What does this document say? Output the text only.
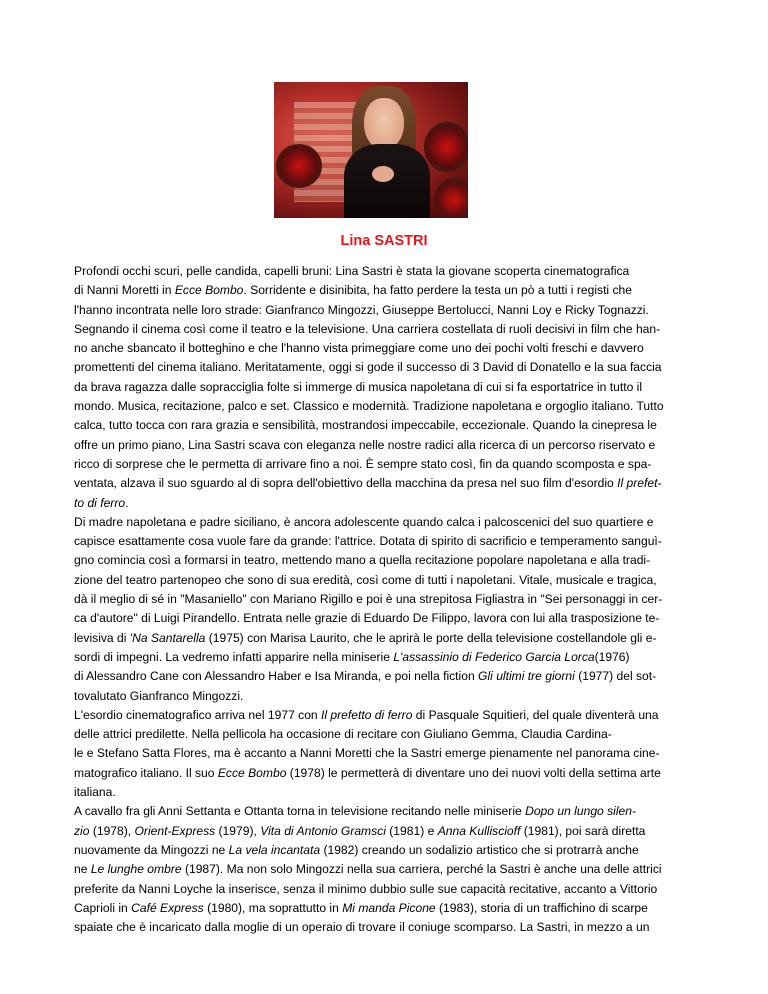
Lina SASTRI
Profondi occhi scuri, pelle candida, capelli bruni: Lina Sastri è stata la giovane scoperta cinematografica
di Nanni Moretti in Ecce Bombo. Sorridente e disinibita, ha fatto perdere la testa un pò a tutti i registi che
l'hanno incontrata nelle loro strade: Gianfranco Mingozzi, Giuseppe Bertolucci, Nanni Loy e Ricky Tognazzi.
Segnando il cinema così come il teatro e la televisione. Una carriera costellata di ruoli decisivi in film che han-
no anche sbancato il botteghino e che l'hanno vista primeggiare come uno dei pochi volti freschi e davvero
promettenti del cinema italiano. Meritatamente, oggi si gode il successo di 3 David di Donatello e la sua faccia
da brava ragazza dalle sopracciglia folte si immerge di musica napoletana di cui si fa esportatrice in tutto il
mondo. Musica, recitazione, palco e set. Classico e modernità. Tradizione napoletana e orgoglio italiano. Tutto
calca, tutto tocca con rara grazia e sensibilità, mostrandosi impeccabile, eccezionale. Quando la cinepresa le
offre un primo piano, Lina Sastri scava con eleganza nelle nostre radici alla ricerca di un percorso riservato e
ricco di sorprese che le permetta di arrivare fino a noi. È sempre stato così, fin da quando scomposta e spa-
ventata, alzava il suo sguardo al di sopra dell'obiettivo della macchina da presa nel suo film d'esordio Il prefet-
to di ferro.
Di madre napoletana e padre siciliano, è ancora adolescente quando calca i palcoscenici del suo quartiere e
capisce esattamente cosa vuole fare da grande: l'attrice. Dotata di spirito di sacrificio e temperamento sanguì-
gno comincia così a formarsi in teatro, mettendo mano a quella recitazione popolare napoletana e alla tradi-
zione del teatro partenopeo che sono di sua eredità, così come di tutti i napoletani. Vitale, musicale e tragica,
dà il meglio di sé in "Masaniello" con Mariano Rigillo e poi è una strepitosa Figliastra in "Sei personaggi in cer-
ca d'autore" di Luigi Pirandello. Entrata nelle grazie di Eduardo De Filippo, lavora con lui alla trasposizione te-
levisiva di 'Na Santarella (1975) con Marisa Laurito, che le aprirà le porte della televisione costellandole gli e-
sordi di impegni. La vedremo infatti apparire nella miniserie L'assassinio di Federico Garcia Lorca(1976)
di Alessandro Cane con Alessandro Haber e Isa Miranda, e poi nella fiction Gli ultimi tre giorni (1977) del sot-
tovalutato Gianfranco Mingozzi.
L'esordio cinematografico arriva nel 1977 con Il prefetto di ferro di Pasquale Squitieri, del quale diventerà una
delle attrici predilette. Nella pellicola ha occasione di recitare con Giuliano Gemma, Claudia Cardina-
le e Stefano Satta Flores, ma è accanto a Nanni Moretti che la Sastri emerge pienamente nel panorama cine-
matografico italiano. Il suo Ecce Bombo (1978) le permetterà di diventare uno dei nuovi volti della settima arte
italiana.
A cavallo fra gli Anni Settanta e Ottanta torna in televisione recitando nelle miniserie Dopo un lungo silen-
zio (1978), Orient-Express (1979), Vita di Antonio Gramsci (1981) e Anna Kulliscioff (1981), poi sarà diretta
nuovamente da Mingozzi ne La vela incantata (1982) creando un sodalizio artistico che si protrarrà anche
ne Le lunghe ombre (1987). Ma non solo Mingozzi nella sua carriera, perché la Sastri è anche una delle attrici
preferite da Nanni Loyche la inserisce, senza il minimo dubbio sulle sue capacità recitative, accanto a Vittorio
Caprioli in Café Express (1980), ma soprattutto in Mi manda Picone (1983), storia di un traffichino di scarpe
spaiate che è incaricato dalla moglie di un operaio di trovare il coniuge scomparso. La Sastri, in mezzo a un
